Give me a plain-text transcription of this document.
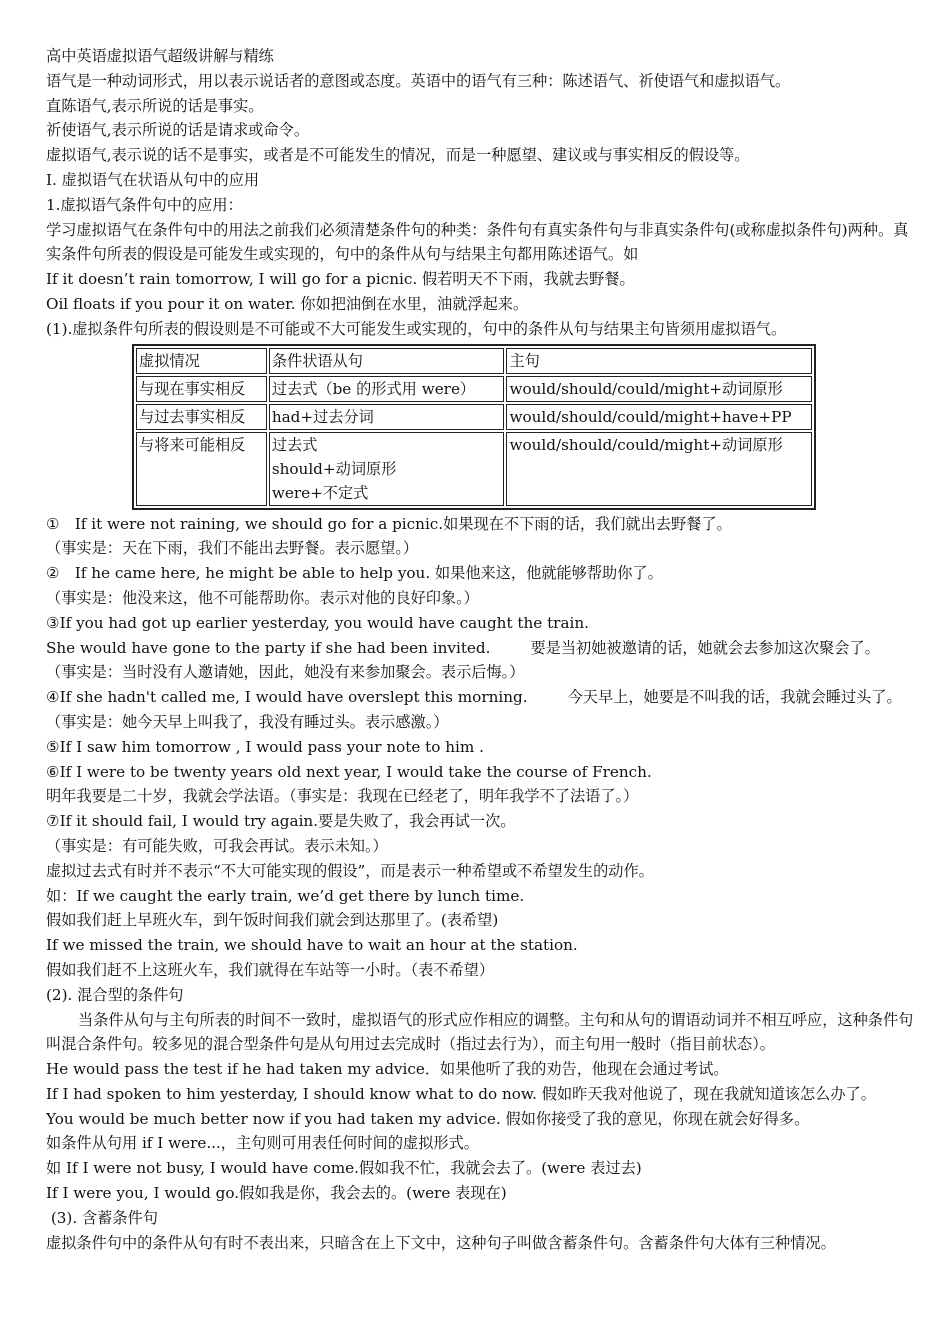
高中英语虚拟语气超级讲解与精练
语气是一种动词形式，用以表示说话者的意图或态度。英语中的语气有三种：陈述语气、祈使语气和虚拟语气。
直陈语气,表示所说的话是事实。
祈使语气,表示所说的话是请求或命令。
虚拟语气,表示说的话不是事实，或者是不可能发生的情况，而是一种愿望、建议或与事实相反的假设等。
I. 虚拟语气在状语从句中的应用
1.虚拟语气条件句中的应用：
学习虚拟语气在条件句中的用法之前我们必须清楚条件句的种类：条件句有真实条件句与非真实条件句(或称虚拟条件句)两种。真实条件句所表的假设是可能发生或实现的，句中的条件从句与结果主句都用陈述语气。如
If it doesn’t rain tomorrow, I will go for a picnic. 假若明天不下雨，我就去野餐。
Oil floats if you pour it on water. 你如把油倒在水里，油就浮起来。
(1).虚拟条件句所表的假设则是不可能或不大可能发生或实现的，句中的条件从句与结果主句皆须用虚拟语气。
虚拟情况	条件状语从句	主句
与现在事实相反	过去式（be 的形式用 were）	would/should/could/might+动词原形
与过去事实相反	had+过去分词	would/should/could/might+have+PP
与将来可能相反	过去式
should+动词原形
were+不定式	would/should/could/might+动词原形
①　If it were not raining, we should go for a picnic.如果现在不下雨的话，我们就出去野餐了。
（事实是：天在下雨，我们不能出去野餐。表示愿望。）
②　If he came here, he might be able to help you. 如果他来这，他就能够帮助你了。
（事实是：他没来这，他不可能帮助你。表示对他的良好印象。）
③If you had got up earlier yesterday, you would have caught the train.
She would have gone to the party if she had been invited.	要是当初她被邀请的话，她就会去参加这次聚会了。
（事实是：当时没有人邀请她，因此，她没有来参加聚会。表示后悔。）
④If she hadn't called me, I would have overslept this morning.	今天早上，她要是不叫我的话，我就会睡过头了。
（事实是：她今天早上叫我了，我没有睡过头。表示感激。）
⑤If I saw him tomorrow , I would pass your note to him .
⑥If I were to be twenty years old next year, I would take the course of French.
明年我要是二十岁，我就会学法语。（事实是：我现在已经老了，明年我学不了法语了。）
⑦If it should fail, I would try again.要是失败了，我会再试一次。
（事实是：有可能失败，可我会再试。表示未知。）
虚拟过去式有时并不表示“不大可能实现的假设”，而是表示一种希望或不希望发生的动作。
如：If we caught the early train, we’d get there by lunch time.
假如我们赶上早班火车，到午饭时间我们就会到达那里了。(表希望)
If we missed the train, we should have to wait an hour at the station.
假如我们赶不上这班火车，我们就得在车站等一小时。（表不希望）
(2). 混合型的条件句
当条件从句与主句所表的时间不一致时，虚拟语气的形式应作相应的调整。主句和从句的谓语动词并不相互呼应，这种条件句叫混合条件句。较多见的混合型条件句是从句用过去完成时（指过去行为），而主句用一般时（指目前状态）。
He would pass the test if he had taken my advice．如果他听了我的劝告，他现在会通过考试。
If I had spoken to him yesterday, I should know what to do now. 假如昨天我对他说了，现在我就知道该怎么办了。
You would be much better now if you had taken my advice. 假如你接受了我的意见，你现在就会好得多。
如条件从句用 if I were...，主句则可用表任何时间的虚拟形式。
如 If I were not busy, I would have come.假如我不忙，我就会去了。(were 表过去)
If I were you, I would go.假如我是你，我会去的。(were 表现在)
(3). 含蓄条件句
虚拟条件句中的条件从句有时不表出来，只暗含在上下文中，这种句子叫做含蓄条件句。含蓄条件句大体有三种情况。
